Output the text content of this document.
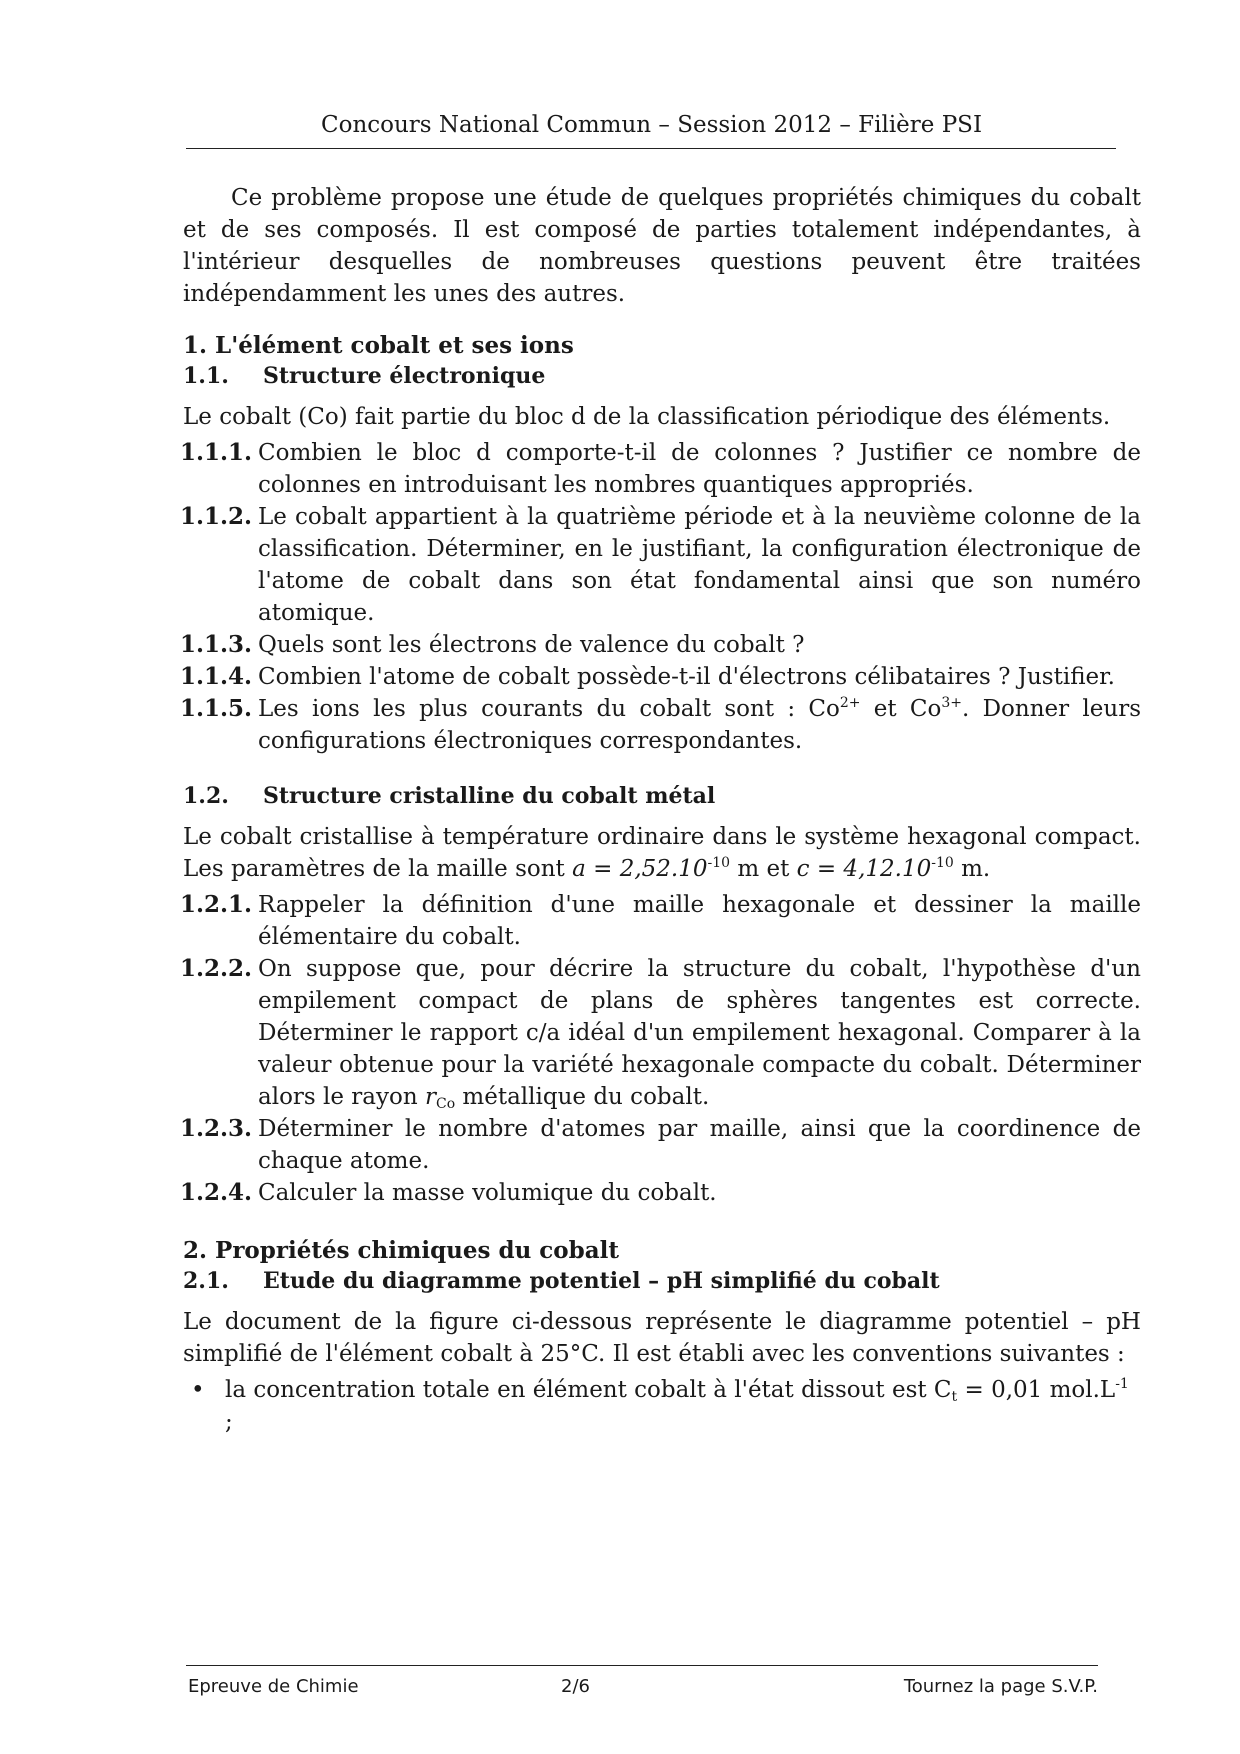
Concours National Commun – Session 2012 – Filière PSI

Ce problème propose une étude de quelques propriétés chimiques du cobalt et de ses composés. Il est composé de parties totalement indépendantes, à l'intérieur desquelles de nombreuses questions peuvent être traitées indépendamment les unes des autres.

1. L'élément cobalt et ses ions

1.1. Structure électronique

Le cobalt (Co) fait partie du bloc d de la classification périodique des éléments.

1.1.1. Combien le bloc d comporte-t-il de colonnes ? Justifier ce nombre de colonnes en introduisant les nombres quantiques appropriés.
1.1.2. Le cobalt appartient à la quatrième période et à la neuvième colonne de la classification. Déterminer, en le justifiant, la configuration électronique de l'atome de cobalt dans son état fondamental ainsi que son numéro atomique.
1.1.3. Quels sont les électrons de valence du cobalt ?
1.1.4. Combien l'atome de cobalt possède-t-il d'électrons célibataires ? Justifier.
1.1.5. Les ions les plus courants du cobalt sont : $Co^{2+}$ et $Co^{3+}$. Donner leurs configurations électroniques correspondantes.

1.2. Structure cristalline du cobalt métal

Le cobalt cristallise à température ordinaire dans le système hexagonal compact. Les paramètres de la maille sont $a = 2,52.10^{-10}$ m et $c = 4,12.10^{-10}$ m.

1.2.1. Rappeler la définition d'une maille hexagonale et dessiner la maille élémentaire du cobalt.
1.2.2. On suppose que, pour décrire la structure du cobalt, l'hypothèse d'un empilement compact de plans de sphères tangentes est correcte. Déterminer le rapport c/a idéal d'un empilement hexagonal. Comparer à la valeur obtenue pour la variété hexagonale compacte du cobalt. Déterminer alors le rayon $r_{Co}$ métallique du cobalt.
1.2.3. Déterminer le nombre d'atomes par maille, ainsi que la coordinence de chaque atome.
1.2.4. Calculer la masse volumique du cobalt.

2. Propriétés chimiques du cobalt

2.1. Etude du diagramme potentiel – pH simplifié du cobalt

Le document de la figure ci-dessous représente le diagramme potentiel – pH simplifié de l'élément cobalt à 25°C. Il est établi avec les conventions suivantes :

• la concentration totale en élément cobalt à l'état dissout est $C_t = 0,01$ $mol.L^{-1}$ ;
Epreuve de Chimie	2/6	Tournez la page S.V.P.
